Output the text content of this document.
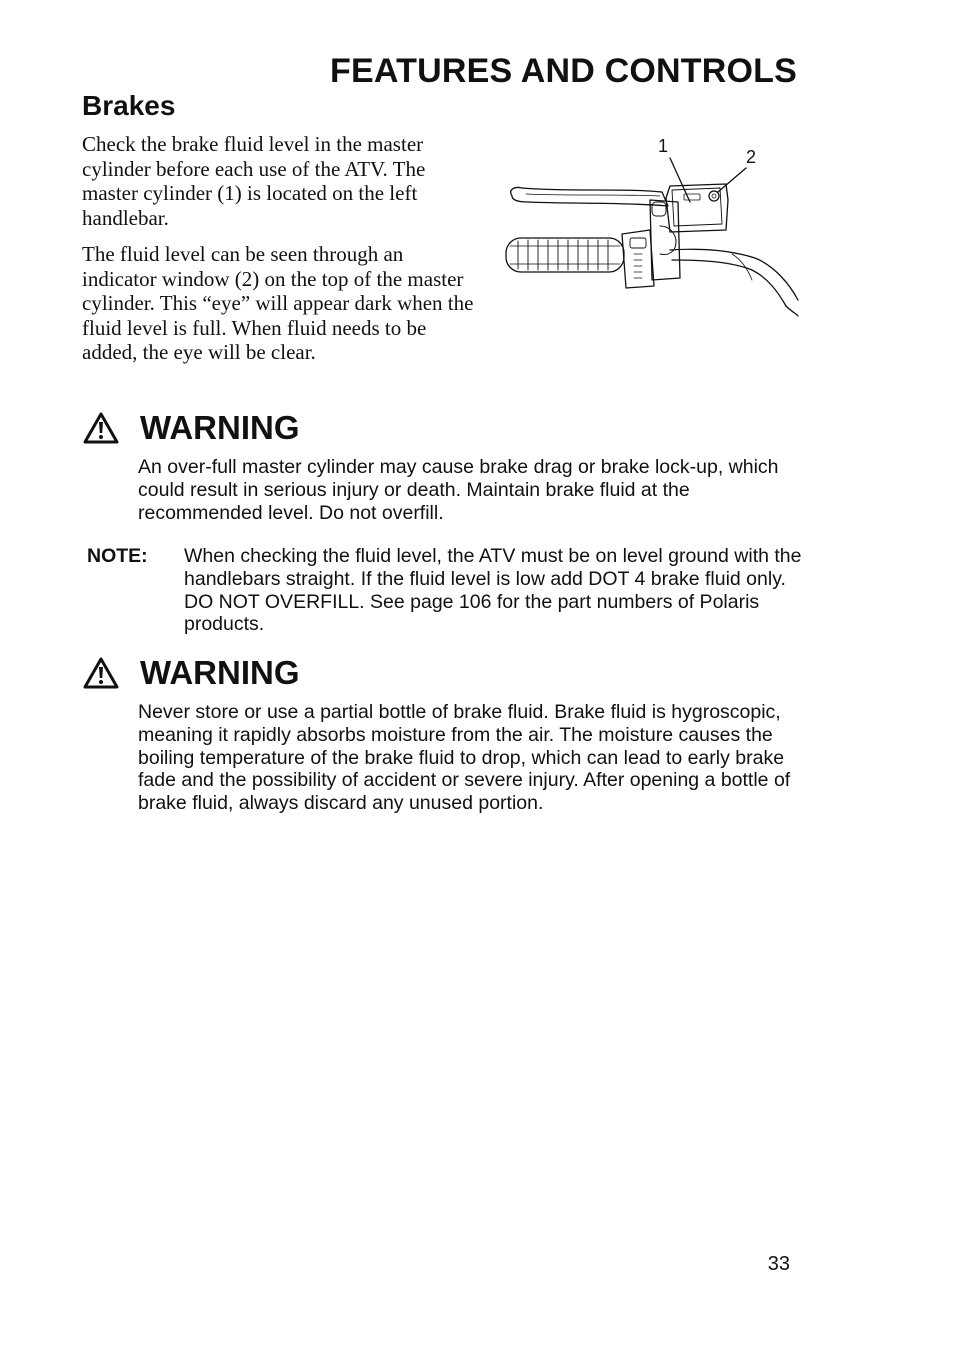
FEATURES AND CONTROLS
Brakes

Check the brake fluid level in the master cylinder before each use of the ATV. The master cylinder (1) is located on the left handlebar.

The fluid level can be seen through an indicator window (2) on the top of the master cylinder. This “eye” will appear dark when the fluid level is full. When fluid needs to be added, the eye will be clear.

1
2
WARNING

An over-full master cylinder may cause brake drag or brake lock-up, which could result in serious injury or death. Maintain brake fluid at the recommended level. Do not overfill.

NOTE: When checking the fluid level, the ATV must be on level ground with the handlebars straight. If the fluid level is low add DOT 4 brake fluid only. DO NOT OVERFILL. See page 106 for the part numbers of Polaris products.

WARNING

Never store or use a partial bottle of brake fluid. Brake fluid is hygroscopic, meaning it rapidly absorbs moisture from the air. The moisture causes the boiling temperature of the brake fluid to drop, which can lead to early brake fade and the possibility of accident or severe injury. After opening a bottle of brake fluid, always discard any unused portion.

33
